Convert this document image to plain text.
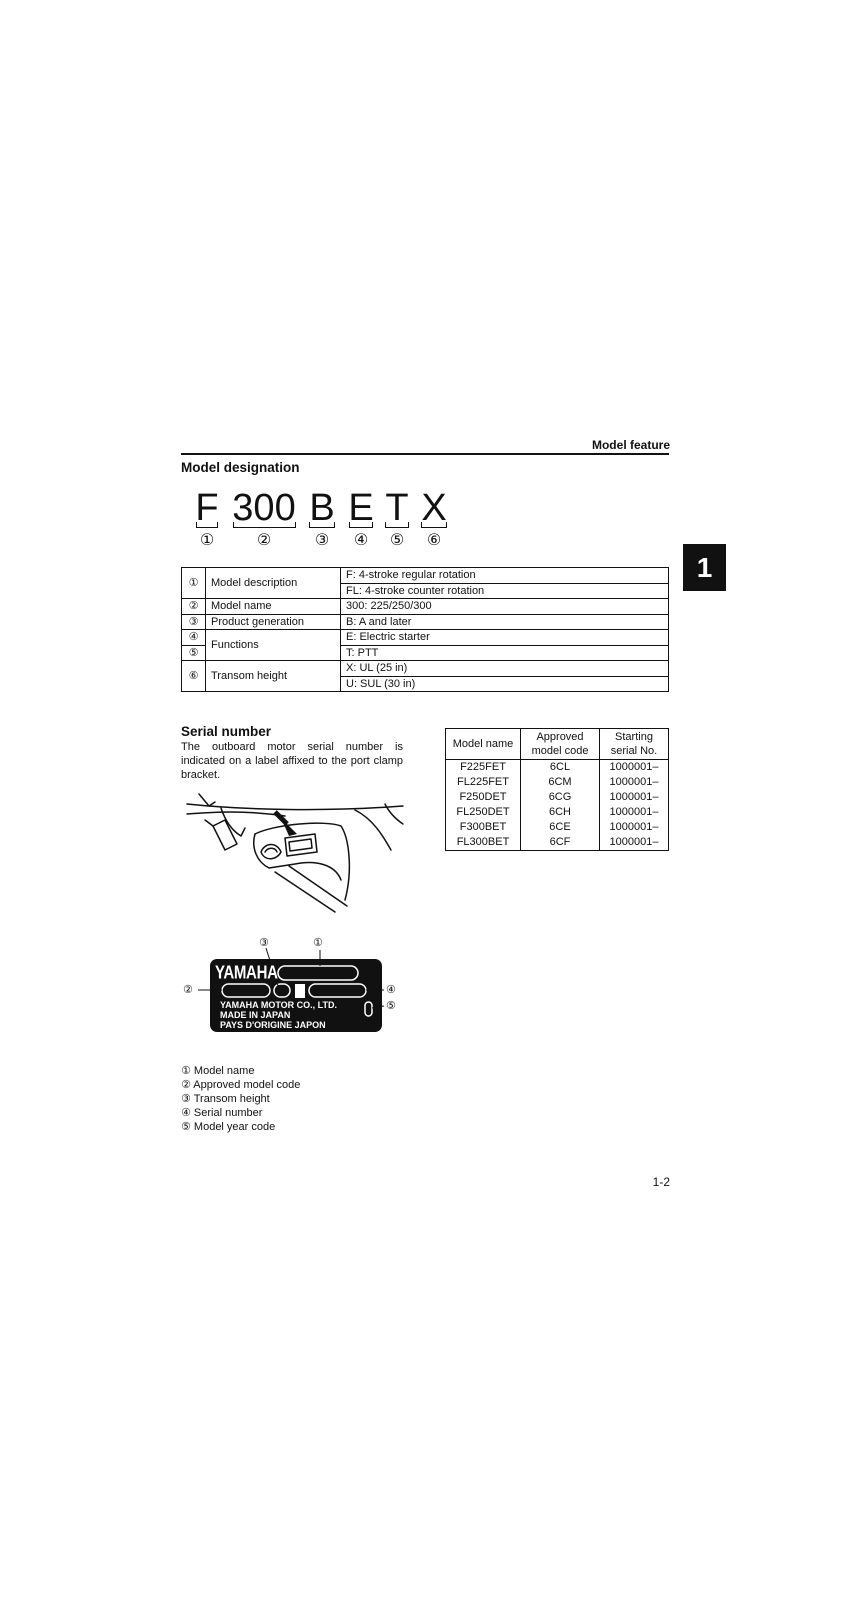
Model feature
1
Model designation
F 300 B E T X
①	②	③	④	⑤	⑥
①	Model description	F: 4-stroke regular rotation
		FL: 4-stroke counter rotation
②	Model name	300: 225/250/300
③	Product generation	B: A and later
④	Functions	E: Electric starter
⑤		T: PTT
⑥	Transom height	X: UL (25 in)
		U: SUL (30 in)
Serial number
The outboard motor serial number is indicated on a label affixed to the port clamp bracket.
Model name	Approved model code	Starting serial No.
F225FET	6CL	1000001–
FL225FET	6CM	1000001–
F250DET	6CG	1000001–
FL250DET	6CH	1000001–
F300BET	6CE	1000001–
FL300BET	6CF	1000001–
③	①
②	④
⑤
YAMAHA
YAMAHA MOTOR CO., LTD.
MADE IN JAPAN
PAYS D'ORIGINE JAPON
① Model name
② Approved model code
③ Transom height
④ Serial number
⑤ Model year code
1-2
